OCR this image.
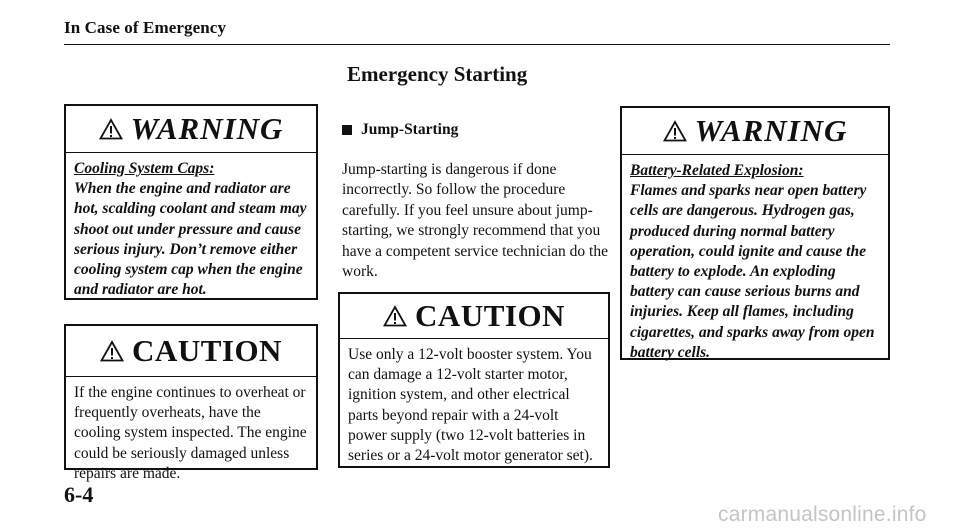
In Case of Emergency
Emergency Starting
WARNING
Cooling System Caps:
When the engine and radiator are hot, scalding coolant and steam may shoot out under pressure and cause serious injury. Don’t remove either cooling system cap when the engine and radiator are hot.
CAUTION
If the engine continues to overheat or frequently overheats, have the cooling system inspected. The engine could be seriously damaged unless repairs are made.
Jump-Starting
Jump-starting is dangerous if done incorrectly. So follow the procedure carefully. If you feel unsure about jump-starting, we strongly recommend that you have a competent service technician do the work.
CAUTION
Use only a 12-volt booster system. You can damage a 12-volt starter motor, ignition system, and other electrical parts beyond repair with a 24-volt power supply (two 12-volt batteries in series or a 24-volt motor generator set).
WARNING
Battery-Related Explosion:
Flames and sparks near open battery cells are dangerous. Hydrogen gas, produced during normal battery operation, could ignite and cause the battery to explode. An exploding battery can cause serious burns and injuries. Keep all flames, including cigarettes, and sparks away from open battery cells.
6-4
carmanualsonline.info
